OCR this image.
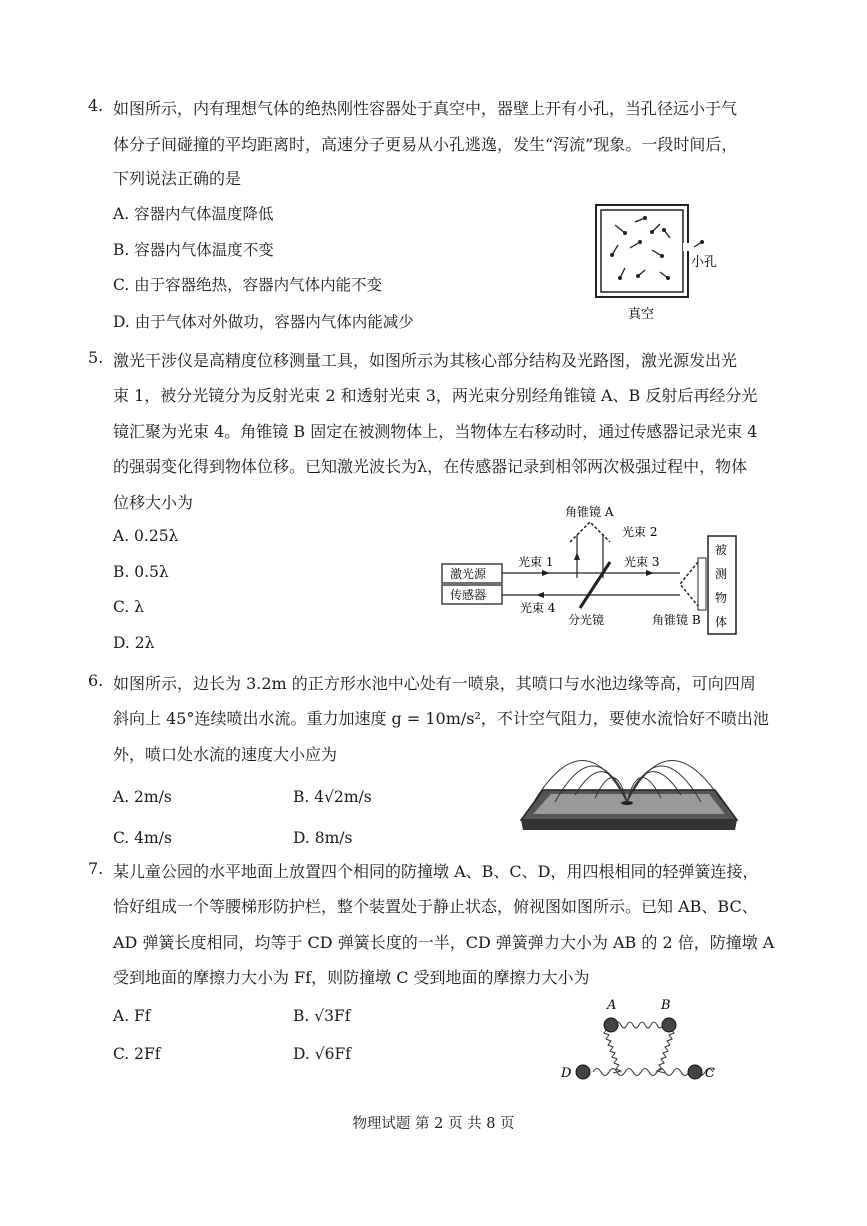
4. 如图所示，内有理想气体的绝热刚性容器处于真空中，器壁上开有小孔，当孔径远小于气
体分子间碰撞的平均距离时，高速分子更易从小孔逃逸，发生“泻流”现象。一段时间后，
下列说法正确的是
A. 容器内气体温度降低
B. 容器内气体温度不变
C. 由于容器绝热，容器内气体内能不变
D. 由于气体对外做功，容器内气体内能减少
小孔
真空
5. 激光干涉仪是高精度位移测量工具，如图所示为其核心部分结构及光路图，激光源发出光
束 1，被分光镜分为反射光束 2 和透射光束 3，两光束分别经角锥镜 A、B 反射后再经分光
镜汇聚为光束 4。角锥镜 B 固定在被测物体上，当物体左右移动时，通过传感器记录光束 4
的强弱变化得到物体位移。已知激光波长为λ，在传感器记录到相邻两次极强过程中，物体
位移大小为
A. 0.25λ
B. 0.5λ
C. λ
D. 2λ
角锥镜 A
光束 2
激光源
传感器
光束 1
光束 4
分光镜
光束 3
角锥镜 B
被
测
物
体
6. 如图所示，边长为 3.2m 的正方形水池中心处有一喷泉，其喷口与水池边缘等高，可向四周
斜向上 45°连续喷出水流。重力加速度 g = 10m/s²，不计空气阻力，要使水流恰好不喷出池
外，喷口处水流的速度大小应为
A. 2m/s	B. 4√2m/s
C. 4m/s	D. 8m/s
7. 某儿童公园的水平地面上放置四个相同的防撞墩 A、B、C、D，用四根相同的轻弹簧连接，
恰好组成一个等腰梯形防护栏，整个装置处于静止状态，俯视图如图所示。已知 AB、BC、
AD 弹簧长度相同，均等于 CD 弹簧长度的一半，CD 弹簧弹力大小为 AB 的 2 倍，防撞墩 A
受到地面的摩擦力大小为 Ff，则防撞墩 C 受到地面的摩擦力大小为
A. Ff	B. √3Ff
C. 2Ff	D. √6Ff
A	B
C
D
物理试题 第 2 页 共 8 页
